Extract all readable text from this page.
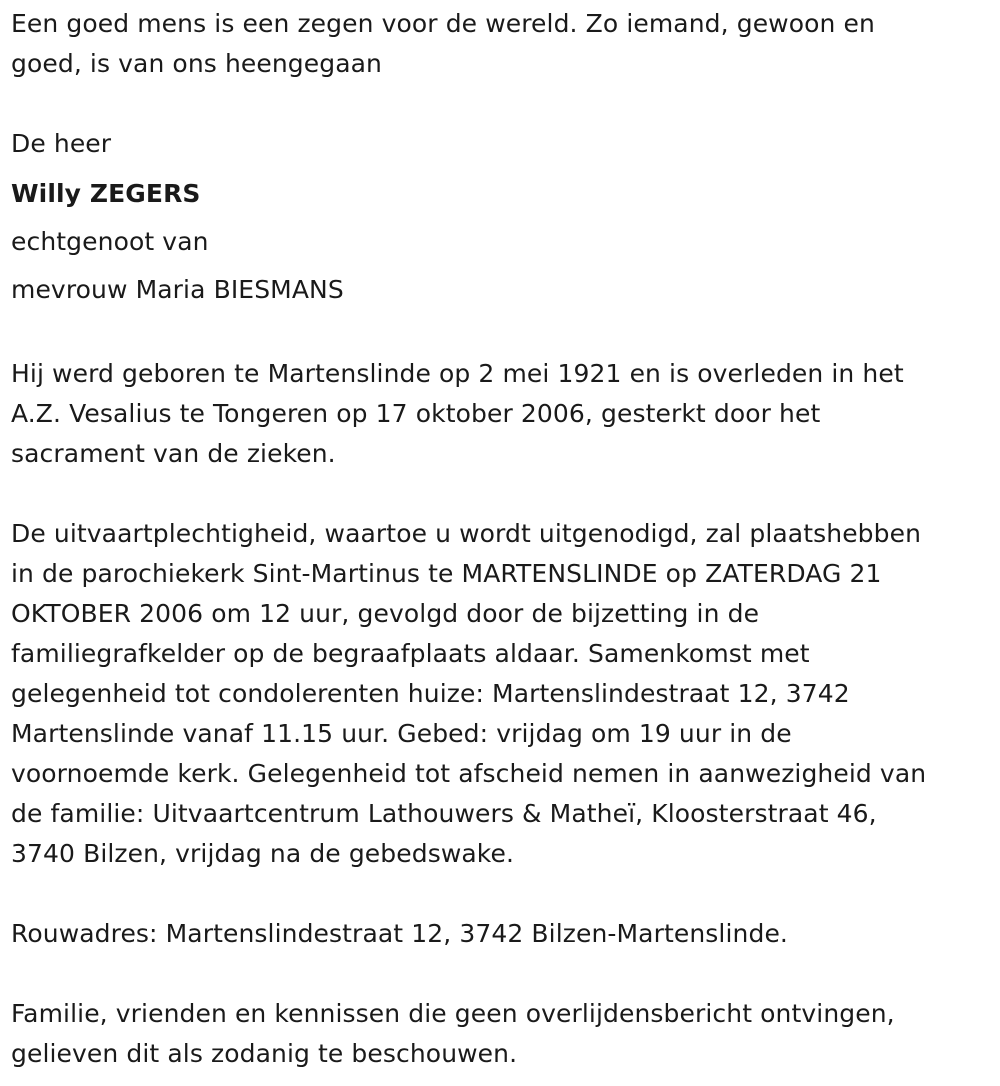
Een goed mens is een zegen voor de wereld. Zo iemand, gewoon en
goed, is van ons heengegaan

De heer

Willy ZEGERS

echtgenoot van

mevrouw Maria BIESMANS

Hij werd geboren te Martenslinde op 2 mei 1921 en is overleden in het
A.Z. Vesalius te Tongeren op 17 oktober 2006, gesterkt door het
sacrament van de zieken.

De uitvaartplechtigheid, waartoe u wordt uitgenodigd, zal plaatshebben
in de parochiekerk Sint-Martinus te MARTENSLINDE op ZATERDAG 21
OKTOBER 2006 om 12 uur, gevolgd door de bijzetting in de
familiegrafkelder op de begraafplaats aldaar. Samenkomst met
gelegenheid tot condolerenten huize: Martenslindestraat 12, 3742
Martenslinde vanaf 11.15 uur. Gebed: vrijdag om 19 uur in de
voornoemde kerk. Gelegenheid tot afscheid nemen in aanwezigheid van
de familie: Uitvaartcentrum Lathouwers & Matheï, Kloosterstraat 46,
3740 Bilzen, vrijdag na de gebedswake.

Rouwadres: Martenslindestraat 12, 3742 Bilzen-Martenslinde.

Familie, vrienden en kennissen die geen overlijdensbericht ontvingen,
gelieven dit als zodanig te beschouwen.
